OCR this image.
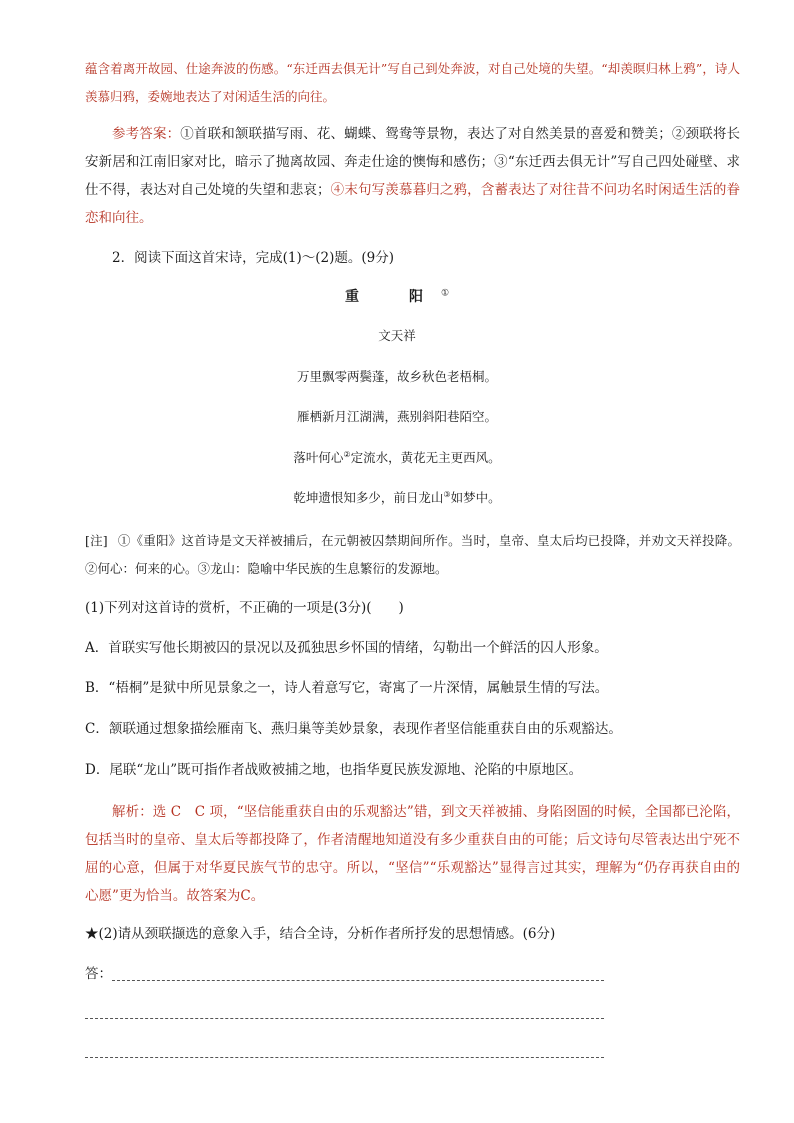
蕴含着离开故园、仕途奔波的伤感。“东迁西去俱无计”写自己到处奔波，对自己处境的失望。“却羡暝归林上鸦”，诗人羡慕归鸦，委婉地表达了对闲适生活的向往。
参考答案：①首联和颔联描写雨、花、蝴蝶、鸳鸯等景物，表达了对自然美景的喜爱和赞美；②颈联将长安新居和江南旧家对比，暗示了抛离故园、奔走仕途的懊悔和感伤；③“东迁西去俱无计”写自己四处碰壁、求仕不得，表达对自己处境的失望和悲哀；④末句写羡慕暮归之鸦，含蓄表达了对往昔不问功名时闲适生活的眷恋和向往。
2．阅读下面这首宋诗，完成(1)～(2)题。(9分)
重　阳①
文天祥
万里飘零两鬓蓬，故乡秋色老梧桐。
雁栖新月江湖满，燕别斜阳巷陌空。
落叶何心②定流水，黄花无主更西风。
乾坤遗恨知多少，前日龙山③如梦中。
[注] ①《重阳》这首诗是文天祥被捕后，在元朝被囚禁期间所作。当时，皇帝、皇太后均已投降，并劝文天祥投降。②何心：何来的心。③龙山：隐喻中华民族的生息繁衍的发源地。
(1)下列对这首诗的赏析，不正确的一项是(3分)(　　)
A．首联实写他长期被囚的景况以及孤独思乡怀国的情绪，勾勒出一个鲜活的囚人形象。
B．“梧桐”是狱中所见景象之一，诗人着意写它，寄寓了一片深情，属触景生情的写法。
C．颔联通过想象描绘雁南飞、燕归巢等美妙景象，表现作者坚信能重获自由的乐观豁达。
D．尾联“龙山”既可指作者战败被捕之地，也指华夏民族发源地、沦陷的中原地区。
解析：选 C　C 项，“坚信能重获自由的乐观豁达”错，到文天祥被捕、身陷囹圄的时候，全国都已沦陷，包括当时的皇帝、皇太后等都投降了，作者清醒地知道没有多少重获自由的可能；后文诗句尽管表达出宁死不屈的心意，但属于对华夏民族气节的忠守。所以，“坚信”“乐观豁达”显得言过其实，理解为“仍存再获自由的心愿”更为恰当。故答案为C。
★(2)请从颈联撷选的意象入手，结合全诗，分析作者所抒发的思想情感。(6分)
答：
